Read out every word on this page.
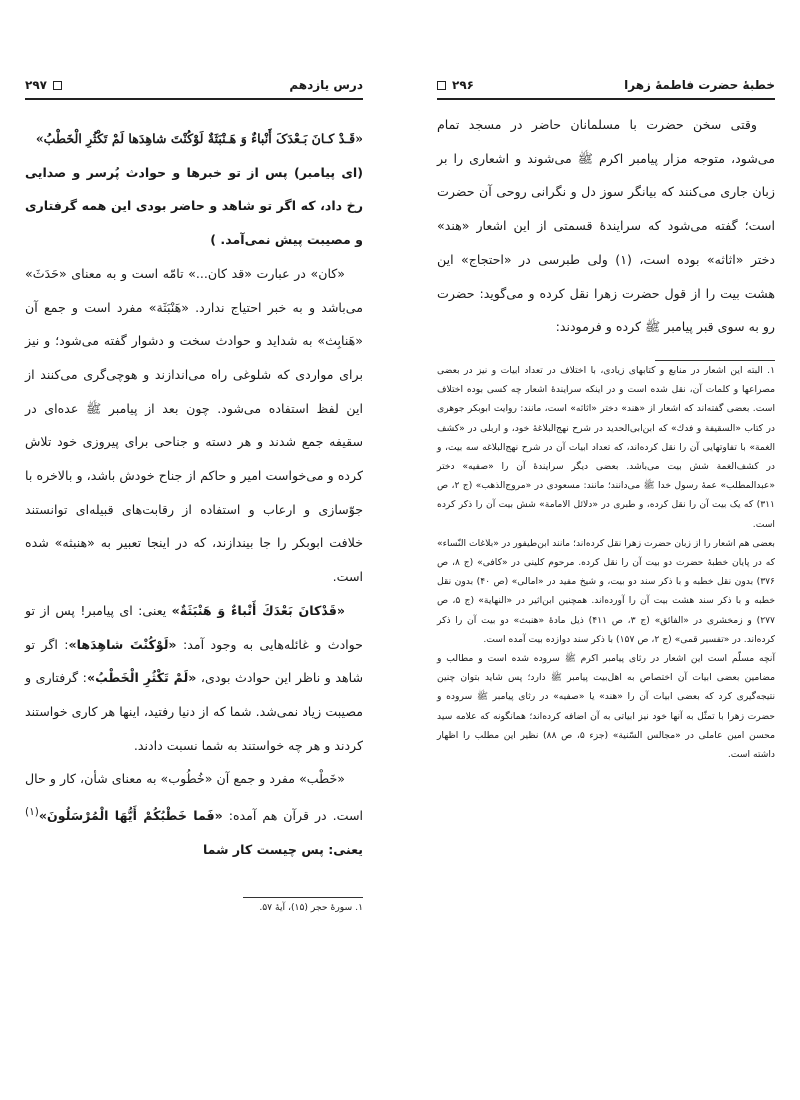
درس یازدهم
۲۹۷

«قَـدْ کـانَ بَـعْدَکَ أَنْباءٌ وَ هَـنْبَثَةٌ لَوْکُنْتَ شاهِدَها لَمْ تَکْثُرِ الْخَطْبُ»

(ای پیامبر) پس از تو خبرها و حوادث پُرسر و صدایی رخ داد، که اگر تو شاهد و حاضر بودی این همه گرفتاری و مصیبت پیش نمی‌آمد. )

«کان» در عبارت «قد کان...» تامّه است و به معنای «حَدَثَ» می‌باشد و به خبر احتیاج ندارد. «هَنْبَثَة» مفرد است و جمع آن «هَنابِث» به شدايد و حوادث سخت و دشوار گفته می‌شود؛ و نيز برای مواردی كه شلوغی راه می‌اندازند و هوچی‌گری می‌كنند از اين لفظ استفاده می‌شود. چون بعد از پيامبر ﷺ عده‌ای در سقيفه جمع شدند و هر دسته و جناحی برای پيروزی خود تلاش كرده و می‌خواست امير و حاكم از جناح خودش باشد، و بالاخره با جوّسازی و ارعاب و استفاده از رقابت‌های قبيله‌ای توانستند خلافت ابوبكر را جا بيندازند، كه در اينجا تعبير به «هنبثه» شده است.

«قَدْكانَ بَعْدَكَ أَنْباءٌ وَ هَنْبَثَةٌ» يعنی: ای پيامبر! پس از تو حوادث و غائله‌هایی به وجود آمد: «لَوْكُنْتَ شاهِدَها»: اگر تو شاهد و ناظر اين حوادث بودی، «لَمْ تَكْثُرِ الْخَطْبُ»: گرفتاری و مصيبت زياد نمی‌شد. شما كه از دنيا رفتيد، اينها هر كاری خواستند كردند و هر چه خواستند به شما نسبت دادند.

«خَطْب» مفرد و جمع آن «خُطُوب» به معنای شأن، كار و حال است. در قرآن هم آمده: «فَما خَطْبُكُمْ أَيُّهَا الْمُرْسَلُونَ»$^{(۱)}$ يعنی: پس چيست كار شما

۱. سورهٔ حجر (۱۵)، آيهٔ ۵۷.

خطبهٔ حضرت فاطمهٔ زهرا
۲۹۶

وقتی سخن حضرت با مسلمانان حاضر در مسجد تمام می‌شود، متوجه مزار پيامبر اكرم ﷺ می‌شوند و اشعاری را بر زبان جاری می‌كنند كه بيانگر سوز دل و نگرانی روحی آن حضرت است؛ گفته می‌شود كه سرايندهٔ قسمتی از اين اشعار «هند» دختر «اثاثه» بوده است، (۱) ولی طبرسی در «احتجاج» اين هشت بيت را از قول حضرت زهرا نقل كرده و می‌گويد: حضرت رو به سوی قبر پيامبر ﷺ كرده و فرمودند:

۱. البته اين اشعار در منابع و كتابهای زيادی، با اختلاف در تعداد ابيات و نيز در بعضی مصراعها و كلمات آن، نقل شده است و در اينكه سرايندهٔ اشعار چه كسی بوده اختلاف است. بعضی گفته‌اند كه اشعار از «هند» دختر «اثاثه» است، مانند: روايت ابوبكر جوهری در كتاب «السقيفة و فدك» كه ابن‌ابی‌الحديد در شرح نهج‌البلاغهٔ خود، و اربلی در «كشف الغمة» با تفاوتهايی آن را نقل كرده‌اند، كه تعداد ابيات آن در شرح نهج‌البلاغه سه بيت، و در كشف‌الغمة شش بيت می‌باشد. بعضی ديگر سرايندهٔ آن را «صفيه» دختر «عبدالمطلب» عمهٔ رسول خدا ﷺ می‌دانند؛ مانند: مسعودی در «مروج‌الذهب» (ج ۲، ص ۳۱۱) كه يک بيت آن را نقل كرده، و طبری در «دلائل الامامة» شش بيت آن را ذكر كرده است.

بعضی هم اشعار را از زبان حضرت زهرا نقل كرده‌اند؛ مانند ابن‌طيفور در «بلاغات النّساء» كه در پايان خطبهٔ حضرت دو بيت آن را نقل كرده. مرحوم كلينی در «كافی» (ج ۸، ص ۳۷۶) بدون نقل خطبه و با ذكر سند دو بيت، و شيخ مفيد در «امالی» (ص ۴۰) بدون نقل خطبه و با ذكر سند هشت بيت آن را آورده‌اند. همچنين ابن‌اثير در «النهاية» (ج ۵، ص ۲۷۷) و زمخشری در «الفائق» (ج ۳، ص ۴۱۱) ذيل مادهٔ «هنبث» دو بيت آن را ذكر كرده‌اند. در «تفسير قمی» (ج ۲، ص ۱۵۷) با ذكر سند دوازده بيت آمده است.

آنچه مسلّم است اين اشعار در رثای پيامبر اكرم ﷺ سروده شده است و مطالب و مضامين بعضی ابيات آن اختصاص به اهل‌بيت پيامبر ﷺ دارد؛ پس شايد بتوان چنين نتيجه‌گيری كرد كه بعضی ابيات آن را «هند» يا «صفيه» در رثای پيامبر ﷺ سروده و حضرت زهرا با تمثّل به آنها خود نيز ابياتی به آن اضافه كرده‌اند؛ همانگونه كه علامه سيد محسن امين عاملی در «مجالس السّنية» (جزء ۵، ص ۸۸) نظير اين مطلب را اظهار داشته است.
